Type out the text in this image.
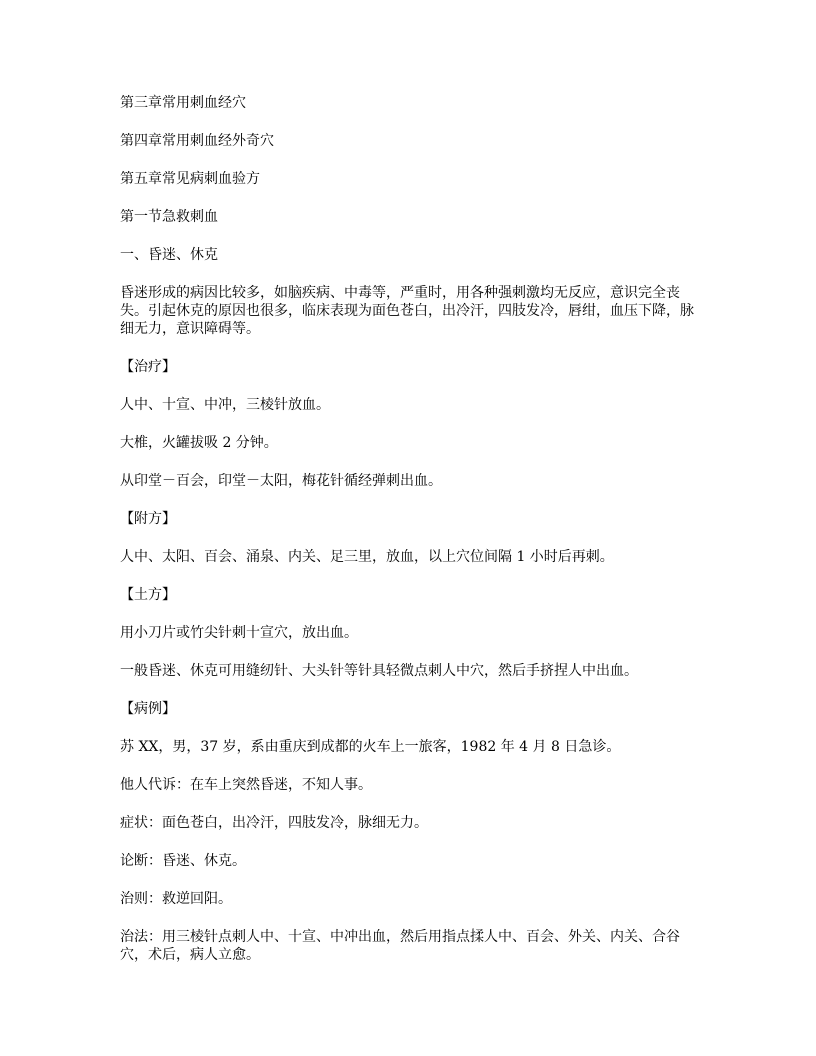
第三章常用刺血经穴

第四章常用刺血经外奇穴

第五章常见病刺血验方

第一节急救刺血

一、昏迷、休克

昏迷形成的病因比较多，如脑疾病、中毒等，严重时，用各种强刺激均无反应，意识完全丧失。引起休克的原因也很多，临床表现为面色苍白，出冷汗，四肢发冷，唇绀，血压下降，脉细无力，意识障碍等。

【治疗】

人中、十宣、中冲，三棱针放血。

大椎，火罐拔吸 2 分钟。

从印堂－百会，印堂－太阳，梅花针循经弹刺出血。

【附方】

人中、太阳、百会、涌泉、内关、足三里，放血，以上穴位间隔 1 小时后再刺。

【土方】

用小刀片或竹尖针刺十宣穴，放出血。

一般昏迷、休克可用缝纫针、大头针等针具轻微点刺人中穴，然后手挤捏人中出血。

【病例】

苏 XX，男，37 岁，系由重庆到成都的火车上一旅客，1982 年 4 月 8 日急诊。

他人代诉：在车上突然昏迷，不知人事。

症状：面色苍白，出冷汗，四肢发冷，脉细无力。

论断：昏迷、休克。

治则：救逆回阳。

治法：用三棱针点刺人中、十宣、中冲出血，然后用指点揉人中、百会、外关、内关、合谷穴，术后，病人立愈。
